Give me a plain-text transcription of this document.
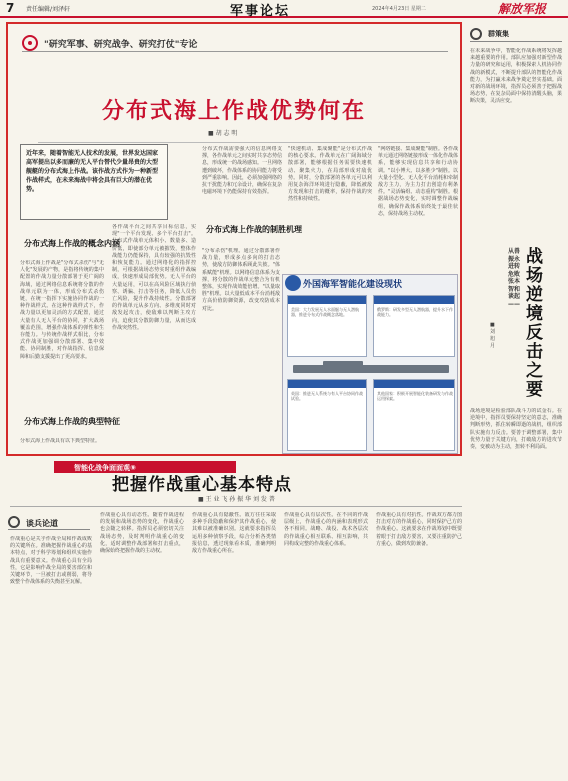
7 责任编辑/刘泽轩	军事论坛	2024年4月23日 星期二	解放军报
"研究军事、研究战争、研究打仗"专论
分布式海上作战优势何在
■ 胡 志 明

近年来，随着智能无人技术的发展，世界发达国家高军提出以多而廉的无人平台替代少量昂贵的大型舰艇的分布式海上作战。该作战方式作为一种新型作战样式，在未来海战中将会具有巨大的潜在优势。

分布式海上作战的概念内涵
分布式海上作战是"分布式杀伤"与"无人化"发展的产物，是指将传统的集中配置的作战力量分散部署于更广阔的海域，通过网络信息系统将分散的作战单元联为一体，形成分布式杀伤链，在统一指挥下实施协同作战的一种作战样式。在这种作战样式下，作战力量以更加灵活的方式配置，通过大量有人无人平台的协同，扩大战场覆盖范围，增强作战体系的弹性和生存能力。与传统作战样式相比，分布式作战更加强调分散部署、集中效能、协同制胜，对作战指挥、信息保障和后勤支援提出了更高要求。
分布式海上作战的典型特征
分布式海上作战具有以下典型特征。
各作战平台之间共享目标信息，实现"一个平台发现、多个平台打击"。分布式作战单元体积小、数量多、造价低，即使部分单元被摧毁，整体作战能力仍能保持，具有较强的抗毁性和恢复能力。通过网络化的指挥控制，可根据战场态势实时重组作战编成，快速形成局部优势。无人平台的大量运用，可以在高风险区域执行侦察、诱骗、打击等任务，降低人员伤亡风险，提升作战持续性。分散部署的作战单元从多方向、多维度同时对敌发起攻击，使敌难以判断主攻方向，迫使其分散防御力量，从而达成作战突然性。
分布式作战需要强大的信息网络支撑，各作战单元之间实时共享态势信息，形成统一的战场感知。一旦网络遭到破坏，作战体系的协同能力将受到严重影响。因此，必须加强网络的抗干扰能力和冗余设计，确保在复杂电磁环境下仍能保持有效指挥。
分布式海上作战的制胜机理
"分布杀伤"机理。通过分散部署作战力量，形成多点多向的打击态势，使敌方防御体系顾此失彼。"体系赋能"机理。以网络信息体系为支撑，将分散的作战单元整合为有机整体，实现作战效能倍增。"以量取胜"机理。以大量低成本平台消耗敌方高价值防御资源，改变攻防成本对比。
"快速机动、集成聚能"是分布式作战的核心要求。作战单元在广阔海域分散部署，能够根据任务需要快速机动、聚集火力，在局部形成对敌优势。同时，分散部署的各单元可以利用复杂海洋环境进行隐蔽，降低被敌方发现和打击的概率，保持作战的突然性和持续性。
"网络链接、集成聚能"制胜。各作战单元通过网络链接形成一体化作战体系，能够实现信息共享和行动协调。"以小博大、以多胜少"制胜。以大量小型化、无人化平台消耗和牵制敌方主力，为主力打击创造有利条件。"灵活编组、动态重构"制胜。根据战场态势变化，实时调整作战编组，确保作战体系始终处于最佳状态，保持战场主动权。
外国海军智能化建设现状
美国：大力发展无人水面艇与无人潜航器，推进分布式作战概念落地。
俄罗斯：研发多型无人潜航器，提升水下作战能力。
英国：推进无人系统与有人平台协同作战试验。
其他国家：积极开展智能化装备研发与作战运用探索。
智能化战争面面观⑨
群策集
在未来战争中，智能化作战系统将发挥越来越重要的作用。部队应加强对新型作战力量的研究和运用，积极探索人机协同作战的新模式，不断提升部队的智能化作战能力，为打赢未来战争奠定坚实基础。面对新的战场环境，指挥员必须善于把握战场态势，在复杂局面中保持清醒头脑，果断决策，灵活应变。
战场逆境反击之要
从兽振永进转危败张本智和谈起——
■ 刘 旭 月
战场逆境是检验部队战斗力的试金石。在逆境中，指挥员要保持坚定的意志，准确判断形势，抓住转瞬即逝的战机，组织部队实施有力反击。要善于调整部署，集中优势力量于关键方向，打破敌方的进攻节奏，变被动为主动，扭转不利局面。
把握作战重心基本特点
■ 王 业 飞 孙 振 华 刘 发 普
谈兵论道
作战重心是关乎作战全局和作战成败的关键所在。准确把握作战重心的基本特点，对于科学筹划和组织实施作战具有重要意义。作战重心具有全局性，它是影响作战全局的要害部位和关键环节，一旦被打击或削弱，将导致整个作战体系的失衡甚至瓦解。
作战重心具有动态性。随着作战进程的发展和战场态势的变化，作战重心也会随之转移。指挥员必须密切关注战场态势，及时判明作战重心的变化，适时调整作战部署和打击重点，确保始终把握作战的主动权。
作战重心具有隐蔽性。敌方往往采取多种手段隐蔽和保护其作战重心，使其难以被准确识别。这就要求指挥员运用多种侦察手段，综合分析各类情报信息，透过现象看本质，准确判明敌方作战重心所在。
作战重心具有层次性。在不同的作战层级上，作战重心的内涵和表现形式各不相同。战略、战役、战术各层次的作战重心相互联系、相互影响，共同构成完整的作战重心体系。
作战重心具有对抗性。作战双方都力图打击对方的作战重心，同时保护己方的作战重心。这就要求在作战筹划中既要着眼于打击敌方要害，又要注重防护己方重心，做到攻防兼备。
